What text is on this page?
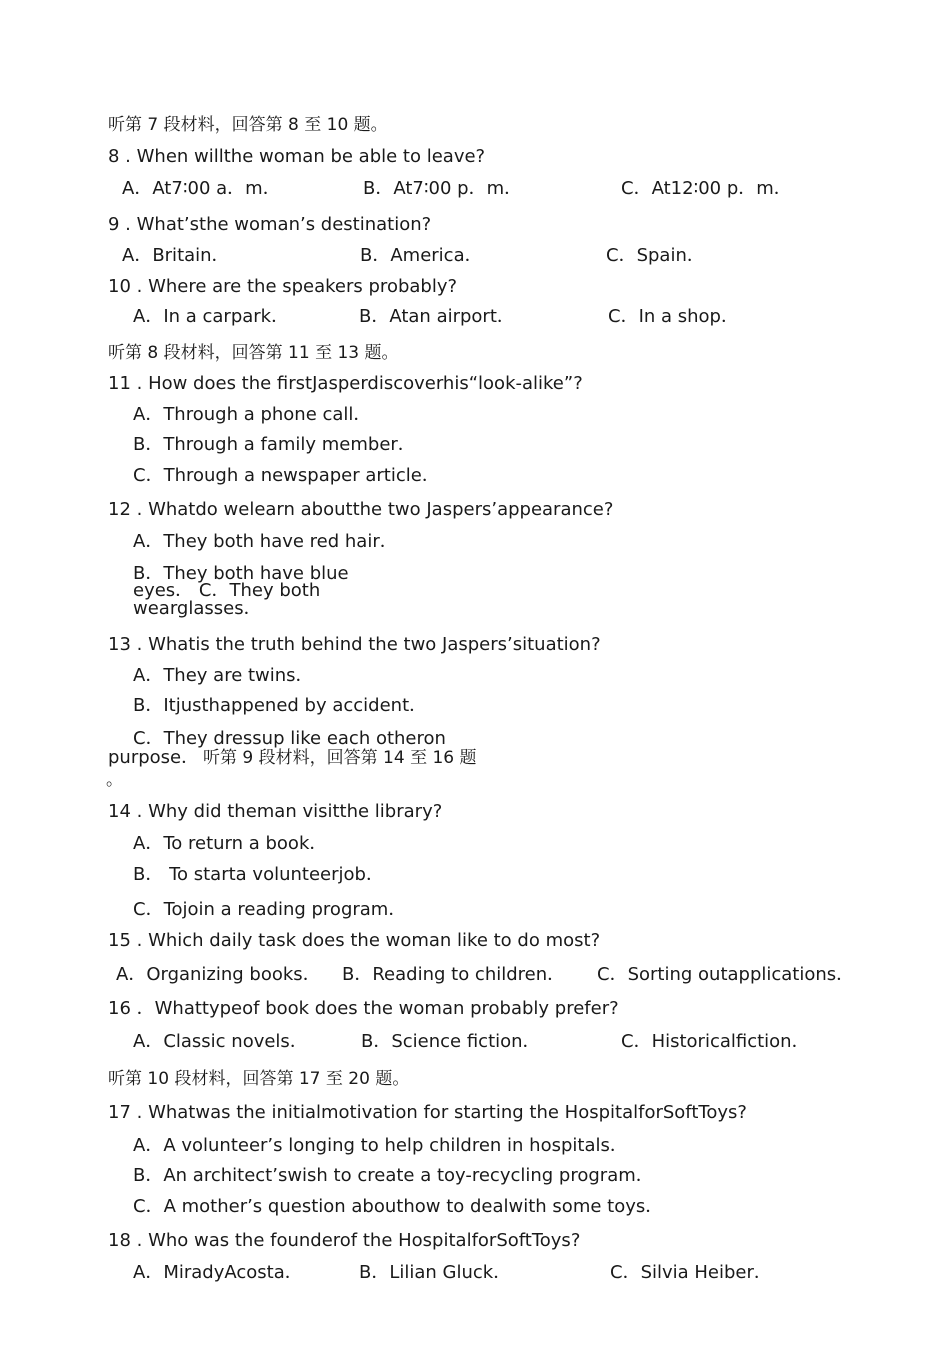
听第 7 段材料，回答第 8 至 10 题。
8 . When willthe woman be able to leave?
A．At7∶00 a．m．	B．At7∶00 p．m．	C．At12∶00 p．m．
9 . What’sthe woman’s destination?
A．Britain．	B．America．	C．Spain．
10 . Where are the speakers probably?
A．In a carpark．	B．Atan airport．	C．In a shop．
听第 8 段材料，回答第 11 至 13 题。
11 . How does the firstJasperdiscoverhis“look-alike”?
A．Through a phone call．
B．Through a family member．
C．Through a newspaper article．
12 . Whatdo welearn aboutthe two Jaspers’appearance?
A．They both have red hair．
B．They both have blue
eyes． C．They both
wearglasses．
13 . Whatis the truth behind the two Jaspers’situation?
A．They are twins．
B．Itjusthappened by accident．
C．They dressup like each otheron
purpose． 听第 9 段材料，回答第 14 至 16 题
。
14 . Why did theman visitthe library?
A．To return a book．
B． To starta volunteerjob．
C．Tojoin a reading program．
15 . Which daily task does the woman like to do most?
A．Organizing books． B．Reading to children． C．Sorting outapplications．
16 ．Whattypeof book does the woman probably prefer?
A．Classic novels．	B．Science fiction．	C．Historicalfiction．
听第 10 段材料，回答第 17 至 20 题。
17 . Whatwas the initialmotivation for starting the HospitalforSoftToys?
A．A volunteer’s longing to help children in hospitals．
B．An architect’swish to create a toy-recycling program．
C．A mother’s question abouthow to dealwith some toys．
18 . Who was the founderof the HospitalforSoftToys?
A．MiradyAcosta．	B．Lilian Gluck．	C．Silvia Heiber．
